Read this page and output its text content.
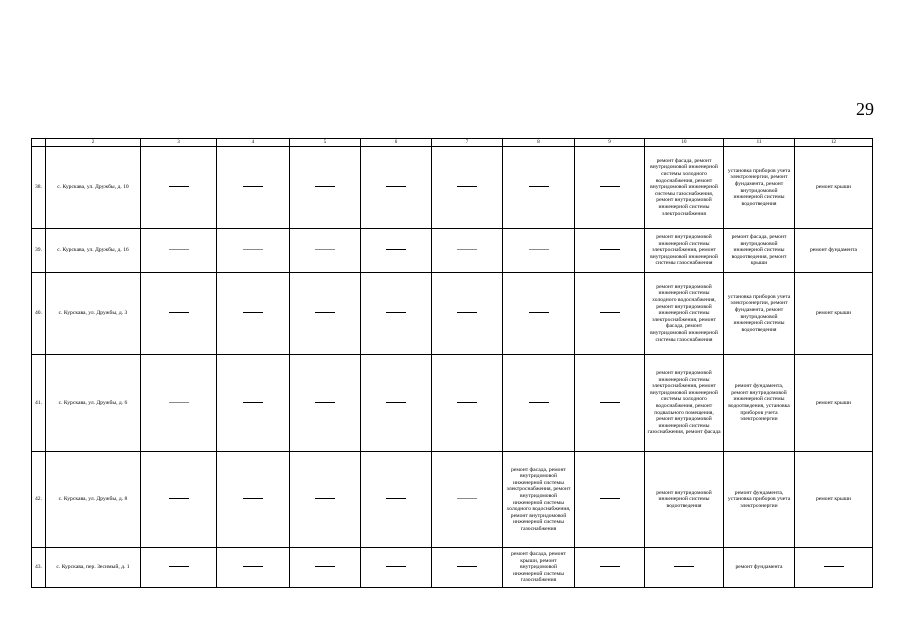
29
	2	3	4	5	6	7	8	9	10	11	12
38.	с. Курскава, ул. Дружбы, д. 10								ремонт фасада, ремонт внутридомовой инженерной системы холодного водоснабжения, ремонт внутридомовой инженерной системы газоснабжения, ремонт внутридомовой инженерной системы электроснабжения	установка приборов учета электроэнергии, ремонт фундамента, ремонт внутридомовой инженерной системы водоотведения	ремонт крыши
39.	с. Курскава, ул. Дружбы, д. 16								ремонт внутридомовой инженерной системы электроснабжения, ремонт внутридомовой инженерной системы газоснабжения	ремонт фасада, ремонт внутридомовой инженерной системы водоотведения, ремонт крыши	ремонт фундамента
40.	с. Курскава, ул. Дружбы, д. 3								ремонт внутридомовой инженерной системы холодного водоснабжения, ремонт внутридомовой инженерной системы электроснабжения, ремонт фасада, ремонт внутридомовой инженерной системы газоснабжения	установка приборов учета электроэнергии, ремонт фундамента, ремонт внутридомовой инженерной системы водоотведения	ремонт крыши
41.	с. Курскава, ул. Дружбы, д. 6								ремонт внутридомовой инженерной системы электроснабжения, ремонт внутридомовой инженерной системы холодного водоснабжения, ремонт подвального помещения, ремонт внутридомовой инженерной системы газоснабжения, ремонт фасада	ремонт фундамента, ремонт внутридомовой инженерной системы водоотведения, установка приборов учета электроэнергии	ремонт крыши
42.	с. Курскава, ул. Дружбы, д. 8						ремонт фасада, ремонт внутридомовой инженерной системы электроснабжения, ремонт внутридомовой инженерной системы холодного водоснабжения, ремонт внутридомовой инженерной системы газоснабжения		ремонт внутридомовой инженерной системы водоотведения	ремонт фундамента, установка приборов учета электроэнергии	ремонт крыши
43.	с. Курскава, пер. Зесимый, д. 1						ремонт фасада, ремонт крыши, ремонт внутридомовой инженерной системы газоснабжения			ремонт фундамента	
